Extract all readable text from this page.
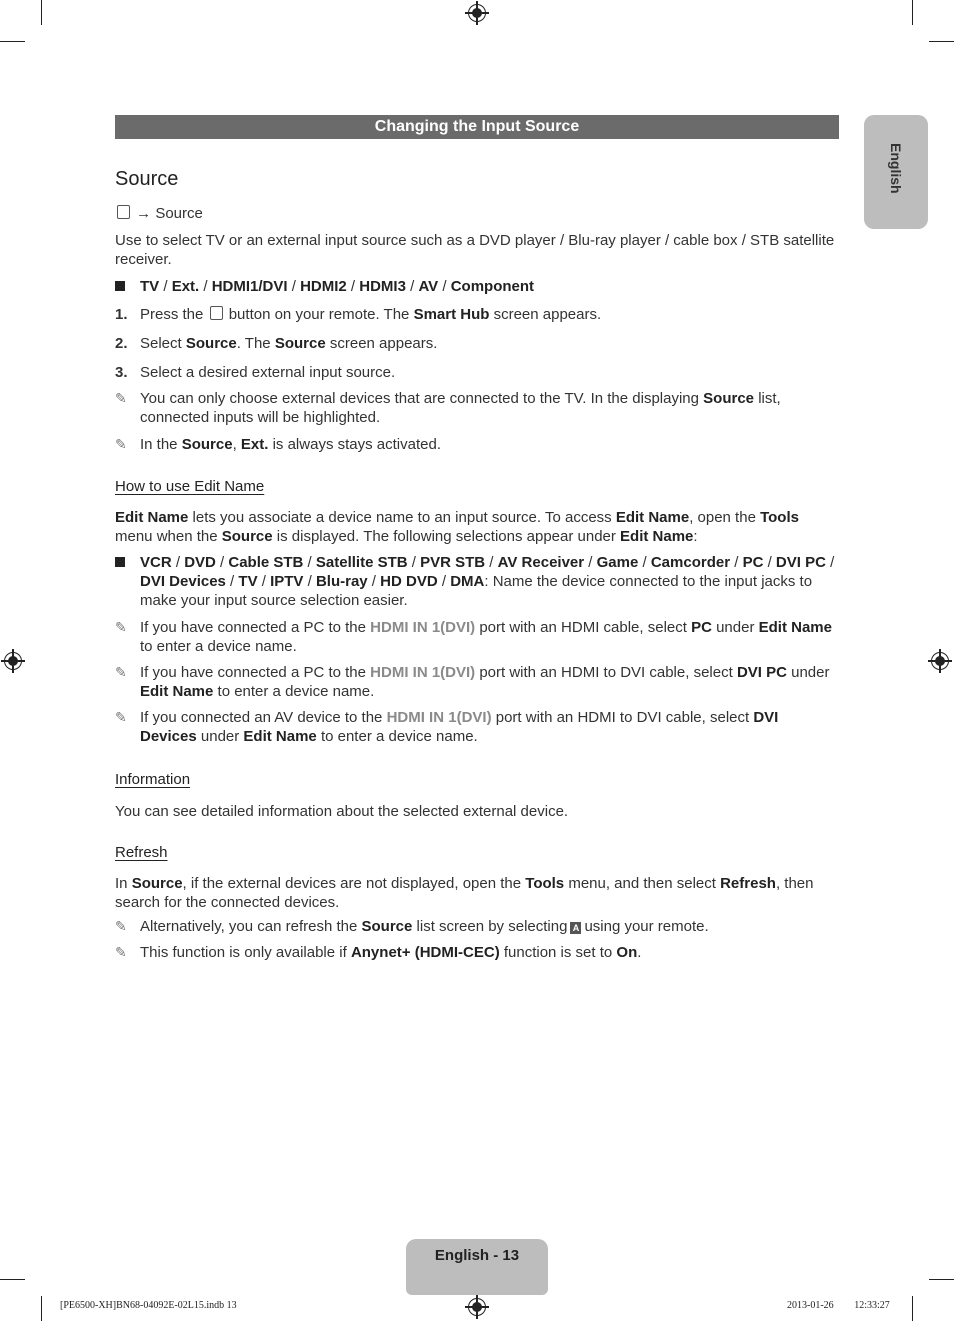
Changing the Input Source
English
Source

→ Source

Use to select TV or an external input source such as a DVD player / Blu-ray player / cable box / STB satellite receiver.

TV / Ext. / HDMI1/DVI / HDMI2 / HDMI3 / AV / Component

1. Press the button on your remote. The Smart Hub screen appears.

2. Select Source. The Source screen appears.

3. Select a desired external input source.

✎ You can only choose external devices that are connected to the TV. In the displaying Source list, connected inputs will be highlighted.

✎ In the Source, Ext. is always stays activated.

How to use Edit Name

Edit Name lets you associate a device name to an input source. To access Edit Name, open the Tools menu when the Source is displayed. The following selections appear under Edit Name:

VCR / DVD / Cable STB / Satellite STB / PVR STB / AV Receiver / Game / Camcorder / PC / DVI PC / DVI Devices / TV / IPTV / Blu-ray / HD DVD / DMA: Name the device connected to the input jacks to make your input source selection easier.

✎ If you have connected a PC to the HDMI IN 1(DVI) port with an HDMI cable, select PC under Edit Name to enter a device name.

✎ If you have connected a PC to the HDMI IN 1(DVI) port with an HDMI to DVI cable, select DVI PC under Edit Name to enter a device name.

✎ If you connected an AV device to the HDMI IN 1(DVI) port with an HDMI to DVI cable, select DVI Devices under Edit Name to enter a device name.

Information

You can see detailed information about the selected external device.

Refresh

In Source, if the external devices are not displayed, open the Tools menu, and then select Refresh, then search for the connected devices.

✎ Alternatively, you can refresh the Source list screen by selecting A using your remote.

✎ This function is only available if Anynet+ (HDMI-CEC) function is set to On.

English - 13
[PE6500-XH]BN68-04092E-02L15.indb 13	2013-01-26 ￿￿ 12:33:27
